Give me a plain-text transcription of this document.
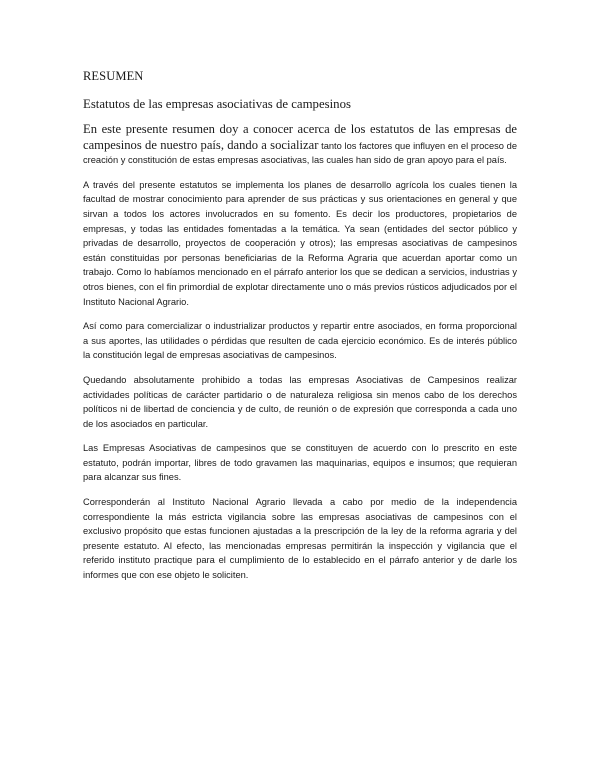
RESUMEN
Estatutos de las empresas asociativas de campesinos

En este presente resumen doy a conocer acerca de los estatutos de las empresas de campesinos de nuestro país, dando a socializar tanto los factores que influyen en el proceso de creación y constitución de estas empresas asociativas, las cuales han sido de gran apoyo para el país.

A través del presente estatutos se implementa los planes de desarrollo agrícola los cuales tienen la facultad de mostrar conocimiento para aprender de sus prácticas y sus orientaciones en general y que sirvan a todos los actores involucrados en su fomento. Es decir los productores, propietarios de empresas, y todas las entidades fomentadas a la temática. Ya sean (entidades del sector público y privadas de desarrollo, proyectos de cooperación y otros); las empresas asociativas de campesinos están constituidas por personas beneficiarias de la Reforma Agraria que acuerdan aportar como un trabajo. Como lo habíamos mencionado en el párrafo anterior los que se dedican a servicios, industrias y otros bienes, con el fin primordial de explotar directamente uno o más previos rústicos adjudicados por el Instituto Nacional Agrario.

Así como para comercializar o industrializar productos y repartir entre asociados, en forma proporcional a sus aportes, las utilidades o pérdidas que resulten de cada ejercicio económico. Es de interés público la constitución legal de empresas asociativas de campesinos.

Quedando absolutamente prohibido a todas las empresas Asociativas de Campesinos realizar actividades políticas de carácter partidario o de naturaleza religiosa sin menos cabo de los derechos políticos ni de libertad de conciencia y de culto, de reunión o de expresión que corresponda a cada uno de los asociados en particular.

Las Empresas Asociativas de campesinos que se constituyen de acuerdo con lo prescrito en este estatuto, podrán importar, libres de todo gravamen las maquinarias, equipos e insumos; que requieran para alcanzar sus fines.

Corresponderán al Instituto Nacional Agrario llevada a cabo por medio de la independencia correspondiente la más estricta vigilancia sobre las empresas asociativas de campesinos con el exclusivo propósito que estas funcionen ajustadas a la prescripción de la ley de la reforma agraria y del presente estatuto. Al efecto, las mencionadas empresas permitirán la inspección y vigilancia que el referido instituto practique para el cumplimiento de lo establecido en el párrafo anterior y de darle los informes que con ese objeto le soliciten.
